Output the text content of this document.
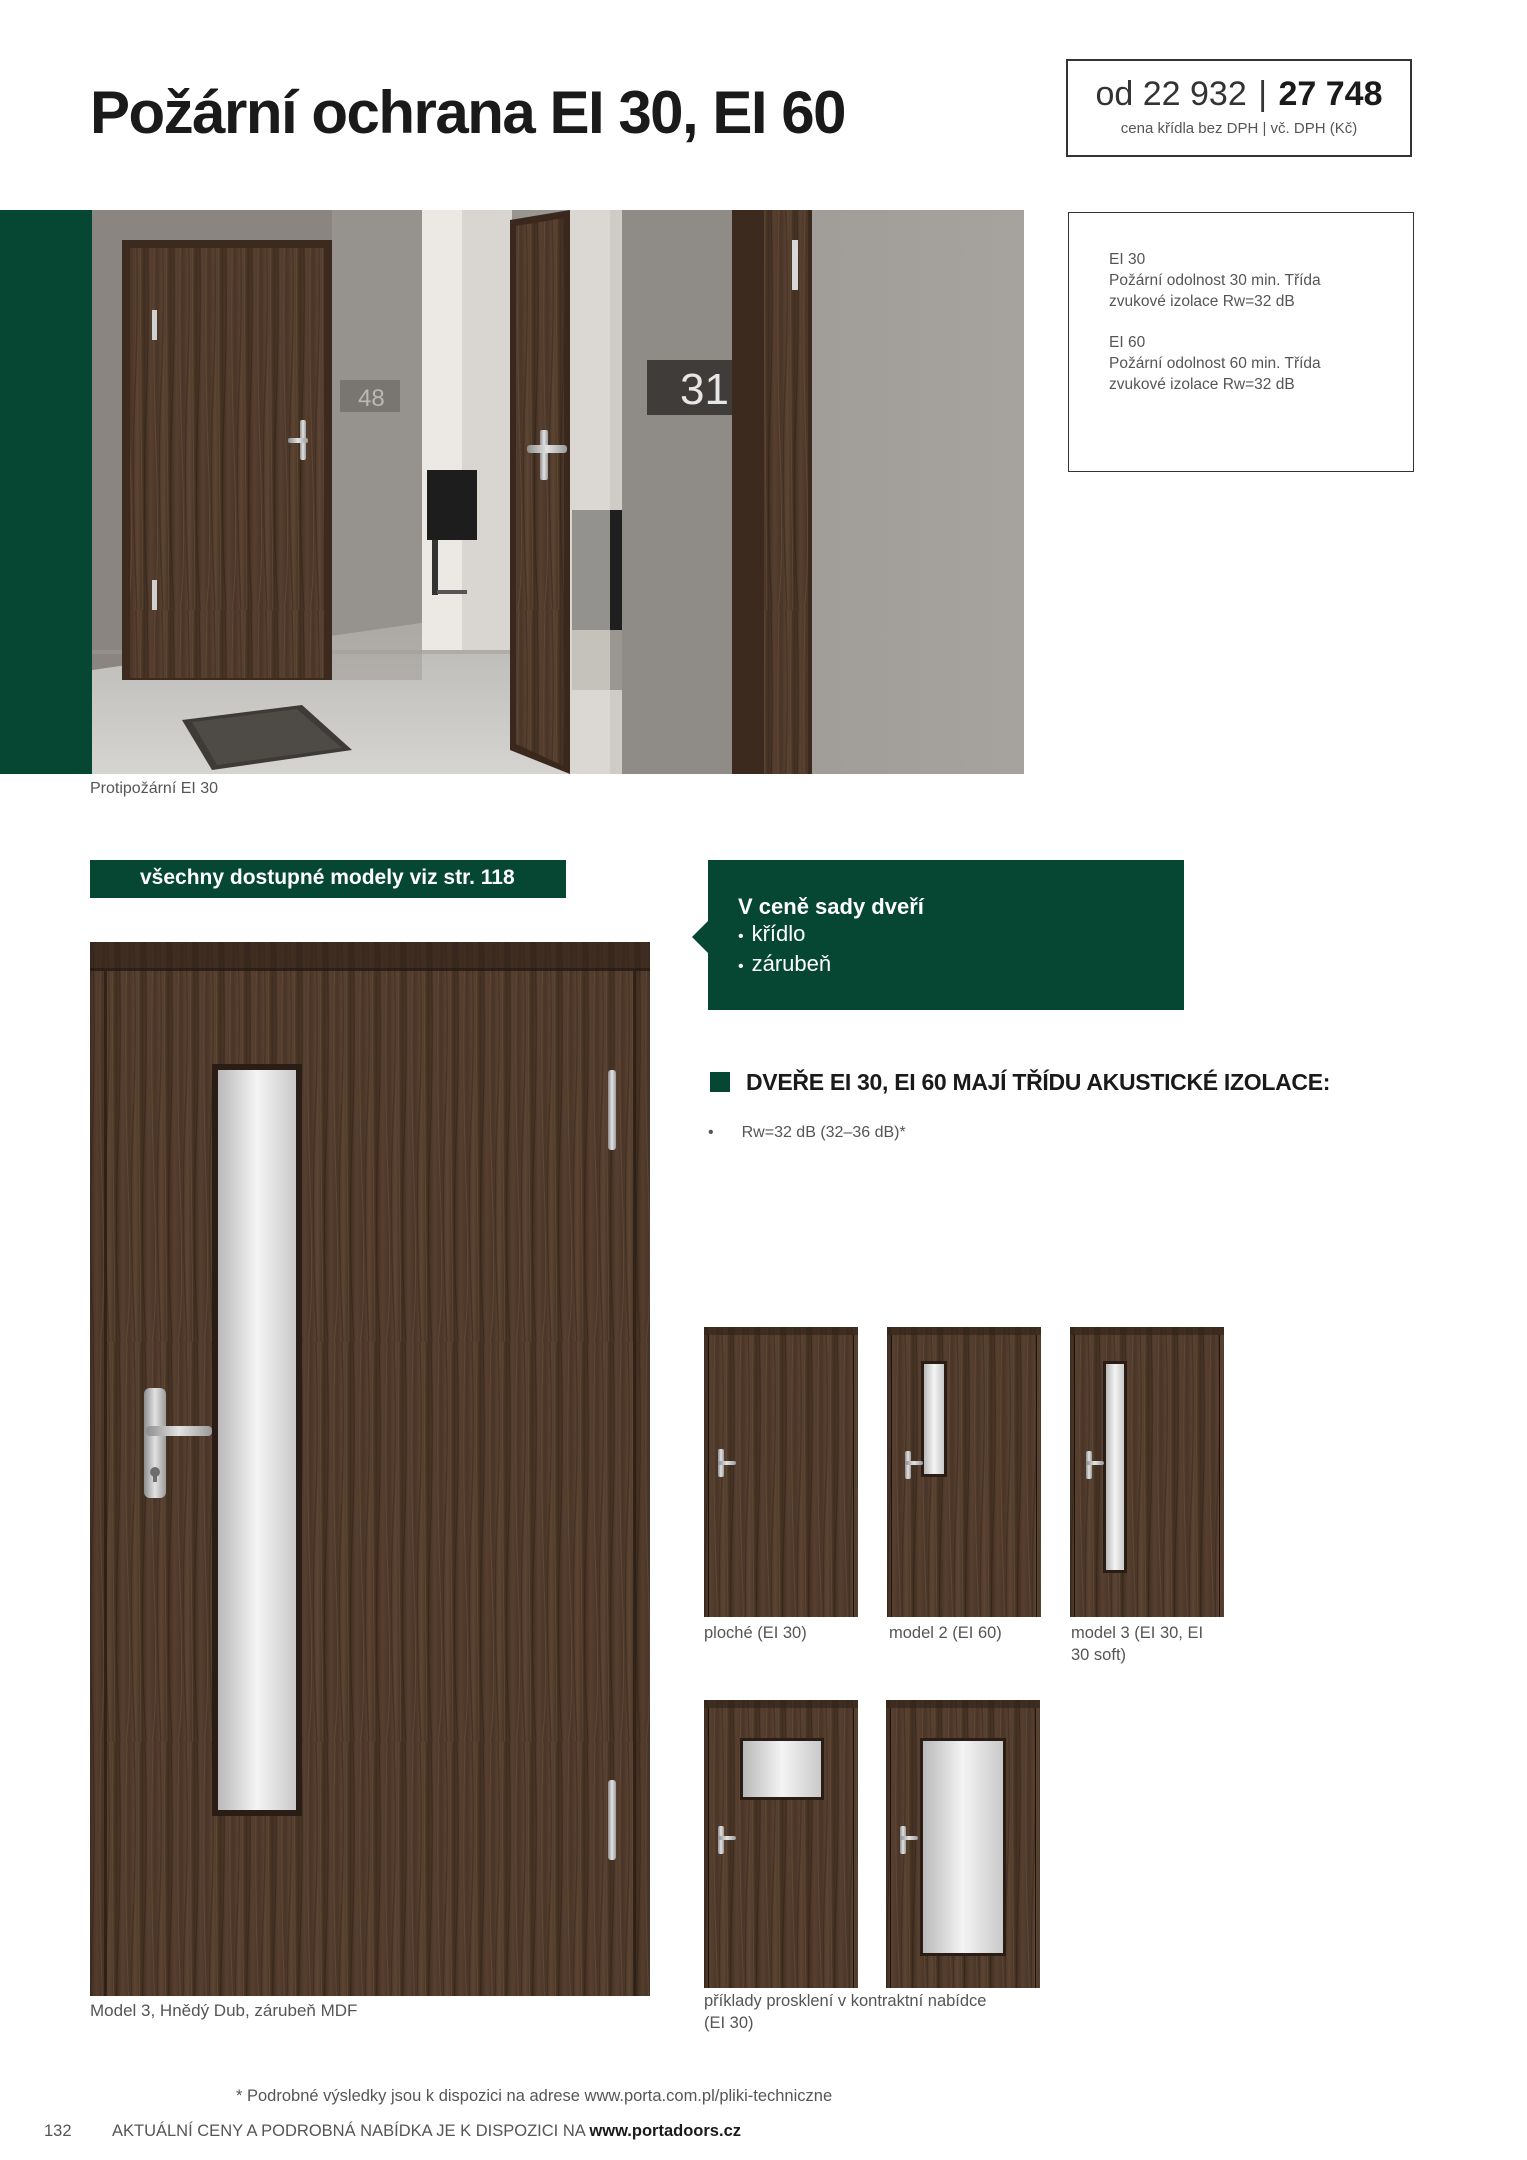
Požární ochrana EI 30, EI 60	od 22 932 | 27 748
cena křídla bez DPH | vč. DPH (Kč)
31
Protipožární EI 30
EI 30
Požární odolnost 30 min. Třída
zvukové izolace Rw=32 dB
EI 60
Požární odolnost 60 min. Třída
zvukové izolace Rw=32 dB
všechny dostupné modely viz str. 118
V ceně sady dveří
• křídlo
• zárubeň
DVEŘE EI 30, EI 60 MAJÍ TŘÍDU AKUSTICKÉ IZOLACE:
• Rw=32 dB (32–36 dB)*
Model 3, Hnědý Dub, zárubeň MDF
ploché (EI 30)	model 2 (EI 60)	model 3 (EI 30, EI
30 soft)
příklady prosklení v kontraktní nabídce
(EI 30)
* Podrobné výsledky jsou k dispozici na adrese www.porta.com.pl/pliki-techniczne
132 AKTUÁLNÍ CENY A PODROBNÁ NABÍDKA JE K DISPOZICI NA www.portadoors.cz
